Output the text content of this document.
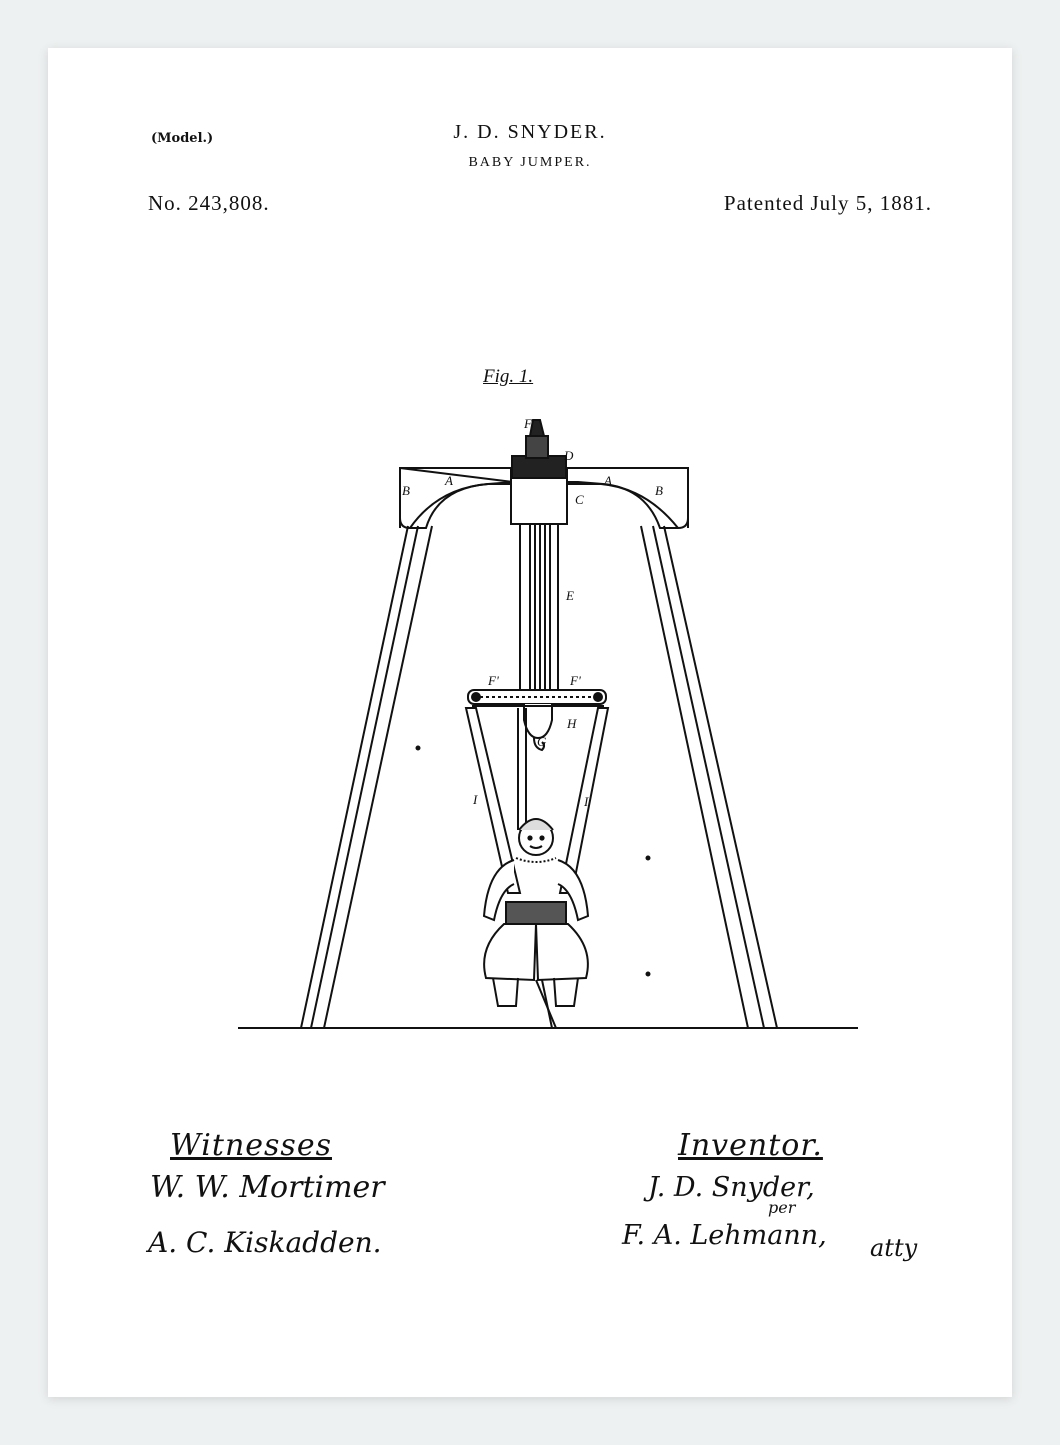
(Model.)	J. D. SNYDER.
BABY JUMPER.
No. 243,808.	Patented July 5, 1881.
Fig. 1.
F
D
C
A	A
B	B
E
F'	F'
H
G
I	I
Witnesses
W. W. Mortimer
A. C. Kiskadden.
Inventor.
J. D. Snyder,
per
F. A. Lehmann, atty
